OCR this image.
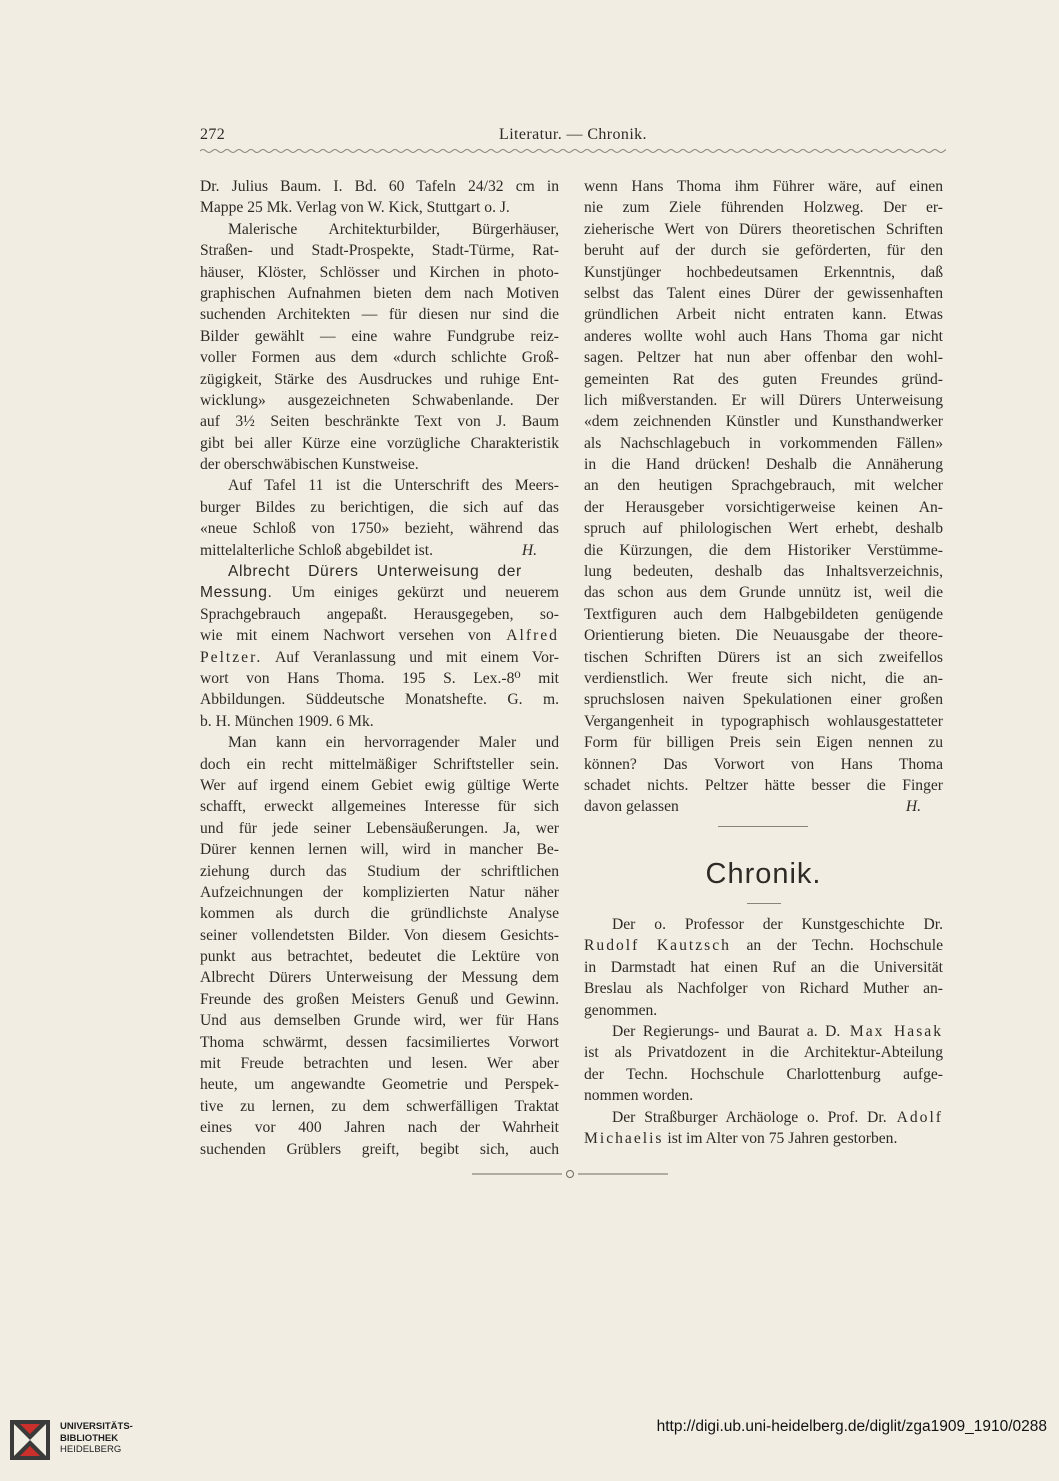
272	Literatur. — Chronik.
Dr. Julius Baum. I. Bd. 60 Tafeln 24/32 cm in
Mappe 25 Mk. Verlag von W. Kick, Stuttgart o. J.
Malerische Architekturbilder, Bürgerhäuser,
Straßen- und Stadt-Prospekte, Stadt-Türme, Rat-
häuser, Klöster, Schlösser und Kirchen in photo-
graphischen Aufnahmen bieten dem nach Motiven
suchenden Architekten — für diesen nur sind die
Bilder gewählt — eine wahre Fundgrube reiz-
voller Formen aus dem «durch schlichte Groß-
zügigkeit, Stärke des Ausdruckes und ruhige Ent-
wicklung» ausgezeichneten Schwabenlande. Der
auf 3½ Seiten beschränkte Text von J. Baum
gibt bei aller Kürze eine vorzügliche Charakteristik
der oberschwäbischen Kunstweise.
Auf Tafel 11 ist die Unterschrift des Meers-
burger Bildes zu berichtigen, die sich auf das
«neue Schloß von 1750» bezieht, während das
mittelalterliche Schloß abgebildet ist.	H.
Albrecht Dürers Unterweisung der
Messung. Um einiges gekürzt und neuerem
Sprachgebrauch angepaßt. Herausgegeben, so-
wie mit einem Nachwort versehen von Alfred
Peltzer. Auf Veranlassung und mit einem Vor-
wort von Hans Thoma. 195 S. Lex.-8⁰ mit
Abbildungen. Süddeutsche Monatshefte. G. m.
b. H. München 1909. 6 Mk.
Man kann ein hervorragender Maler und
doch ein recht mittelmäßiger Schriftsteller sein.
Wer auf irgend einem Gebiet ewig gültige Werte
schafft, erweckt allgemeines Interesse für sich
und für jede seiner Lebensäußerungen. Ja, wer
Dürer kennen lernen will, wird in mancher Be-
ziehung durch das Studium der schriftlichen
Aufzeichnungen der komplizierten Natur näher
kommen als durch die gründlichste Analyse
seiner vollendetsten Bilder. Von diesem Gesichts-
punkt aus betrachtet, bedeutet die Lektüre von
Albrecht Dürers Unterweisung der Messung dem
Freunde des großen Meisters Genuß und Gewinn.
Und aus demselben Grunde wird, wer für Hans
Thoma schwärmt, dessen facsimiliertes Vorwort
mit Freude betrachten und lesen. Wer aber
heute, um angewandte Geometrie und Perspek-
tive zu lernen, zu dem schwerfälligen Traktat
eines vor 400 Jahren nach der Wahrheit
suchenden Grüblers greift, begibt sich, auch
wenn Hans Thoma ihm Führer wäre, auf einen
nie zum Ziele führenden Holzweg. Der er-
zieherische Wert von Dürers theoretischen Schriften
beruht auf der durch sie geförderten, für den
Kunstjünger hochbedeutsamen Erkenntnis, daß
selbst das Talent eines Dürer der gewissenhaften
gründlichen Arbeit nicht entraten kann. Etwas
anderes wollte wohl auch Hans Thoma gar nicht
sagen. Peltzer hat nun aber offenbar den wohl-
gemeinten Rat des guten Freundes gründ-
lich mißverstanden. Er will Dürers Unterweisung
«dem zeichnenden Künstler und Kunsthandwerker
als Nachschlagebuch in vorkommenden Fällen»
in die Hand drücken! Deshalb die Annäherung
an den heutigen Sprachgebrauch, mit welcher
der Herausgeber vorsichtigerweise keinen An-
spruch auf philologischen Wert erhebt, deshalb
die Kürzungen, die dem Historiker Verstümme-
lung bedeuten, deshalb das Inhaltsverzeichnis,
das schon aus dem Grunde unnütz ist, weil die
Textfiguren auch dem Halbgebildeten genügende
Orientierung bieten. Die Neuausgabe der theore-
tischen Schriften Dürers ist an sich zweifellos
verdienstlich. Wer freute sich nicht, die an-
spruchslosen naiven Spekulationen einer großen
Vergangenheit in typographisch wohlausgestatteter
Form für billigen Preis sein Eigen nennen zu
können? Das Vorwort von Hans Thoma
schadet nichts. Peltzer hätte besser die Finger
davon gelassen	H.
Chronik.
Der o. Professor der Kunstgeschichte Dr.
Rudolf Kautzsch an der Techn. Hochschule
in Darmstadt hat einen Ruf an die Universität
Breslau als Nachfolger von Richard Muther an-
genommen.
Der Regierungs- und Baurat a. D. Max Hasak
ist als Privatdozent in die Architektur-Abteilung
der Techn. Hochschule Charlottenburg aufge-
nommen worden.
Der Straßburger Archäologe o. Prof. Dr. Adolf
Michaelis ist im Alter von 75 Jahren gestorben.
UNIVERSITÄTS-
BIBLIOTHEK
HEIDELBERG
http://digi.ub.uni-heidelberg.de/diglit/zga1909_1910/0288
